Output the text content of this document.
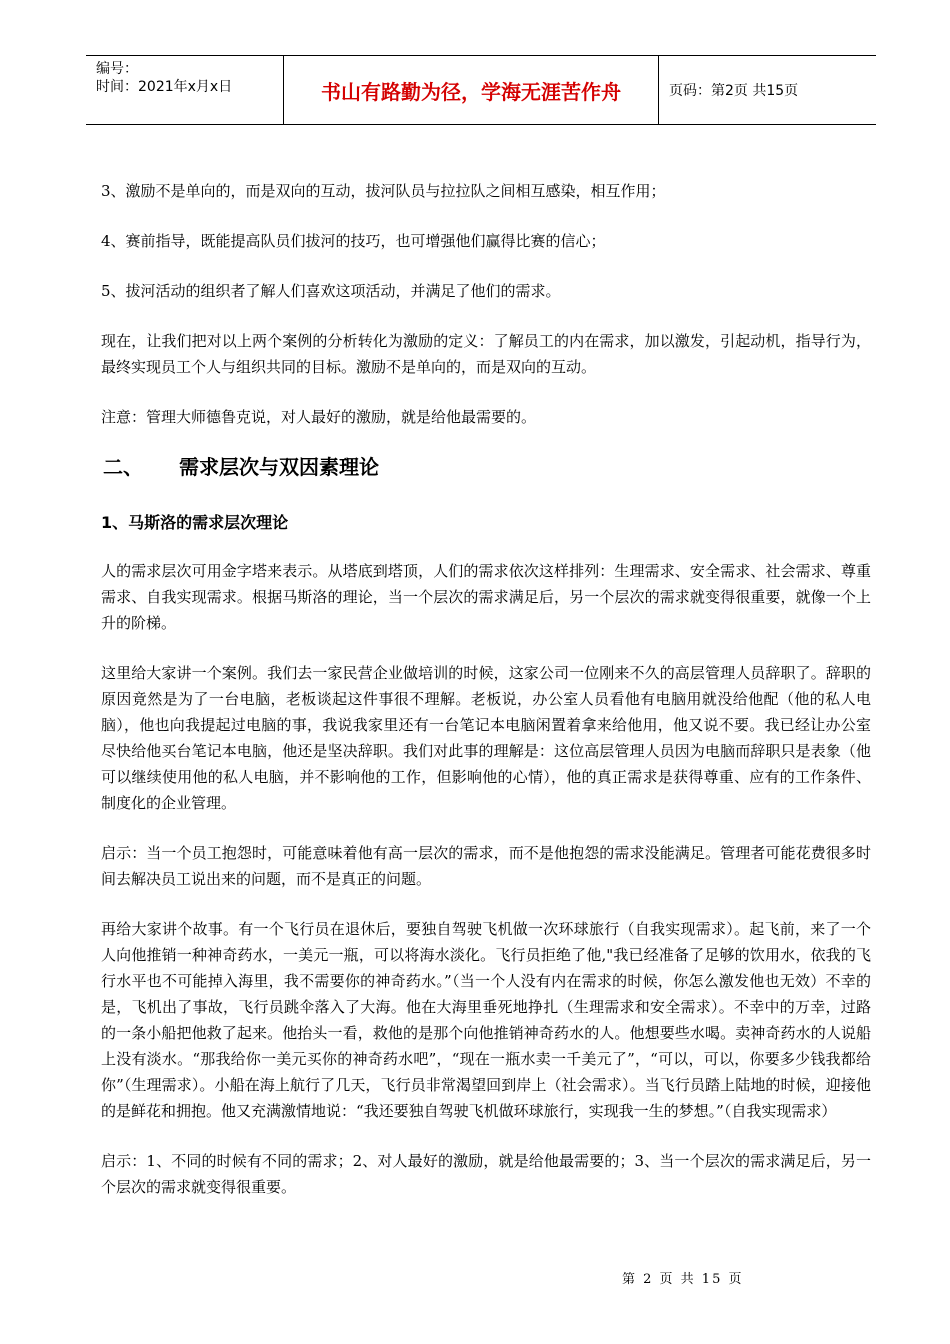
编号：
时间：2021年x月x日	书山有路勤为径，学海无涯苦作舟	页码：第2页 共15页

3、激励不是单向的，而是双向的互动，拔河队员与拉拉队之间相互感染，相互作用；

4、赛前指导，既能提高队员们拔河的技巧，也可增强他们赢得比赛的信心；

5、拔河活动的组织者了解人们喜欢这项活动，并满足了他们的需求。

现在，让我们把对以上两个案例的分析转化为激励的定义：了解员工的内在需求，加以激发，引起动机，指导行为，最终实现员工个人与组织共同的目标。激励不是单向的，而是双向的互动。

注意：管理大师德鲁克说，对人最好的激励，就是给他最需要的。

二、 需求层次与双因素理论
1、马斯洛的需求层次理论

人的需求层次可用金字塔来表示。从塔底到塔顶，人们的需求依次这样排列：生理需求、安全需求、社会需求、尊重需求、自我实现需求。根据马斯洛的理论，当一个层次的需求满足后，另一个层次的需求就变得很重要，就像一个上升的阶梯。

这里给大家讲一个案例。我们去一家民营企业做培训的时候，这家公司一位刚来不久的高层管理人员辞职了。辞职的原因竟然是为了一台电脑，老板谈起这件事很不理解。老板说，办公室人员看他有电脑用就没给他配（他的私人电脑），他也向我提起过电脑的事，我说我家里还有一台笔记本电脑闲置着拿来给他用，他又说不要。我已经让办公室尽快给他买台笔记本电脑，他还是坚决辞职。我们对此事的理解是：这位高层管理人员因为电脑而辞职只是表象（他可以继续使用他的私人电脑，并不影响他的工作，但影响他的心情），他的真正需求是获得尊重、应有的工作条件、制度化的企业管理。

启示：当一个员工抱怨时，可能意味着他有高一层次的需求，而不是他抱怨的需求没能满足。管理者可能花费很多时间去解决员工说出来的问题，而不是真正的问题。

再给大家讲个故事。有一个飞行员在退休后，要独自驾驶飞机做一次环球旅行（自我实现需求）。起飞前，来了一个人向他推销一种神奇药水，一美元一瓶，可以将海水淡化。飞行员拒绝了他,"我已经准备了足够的饮用水，依我的飞行水平也不可能掉入海里，我不需要你的神奇药水。”（当一个人没有内在需求的时候，你怎么激发他也无效）不幸的是，飞机出了事故，飞行员跳伞落入了大海。他在大海里垂死地挣扎（生理需求和安全需求）。不幸中的万幸，过路的一条小船把他救了起来。他抬头一看，救他的是那个向他推销神奇药水的人。他想要些水喝。卖神奇药水的人说船上没有淡水。“那我给你一美元买你的神奇药水吧”，“现在一瓶水卖一千美元了”，“可以，可以，你要多少钱我都给你”（生理需求）。小船在海上航行了几天，飞行员非常渴望回到岸上（社会需求）。当飞行员踏上陆地的时候，迎接他的是鲜花和拥抱。他又充满激情地说：“我还要独自驾驶飞机做环球旅行，实现我一生的梦想。”（自我实现需求）

启示：1、不同的时候有不同的需求；2、对人最好的激励，就是给他最需要的；3、当一个层次的需求满足后，另一个层次的需求就变得很重要。

第 2 页 共 15 页
